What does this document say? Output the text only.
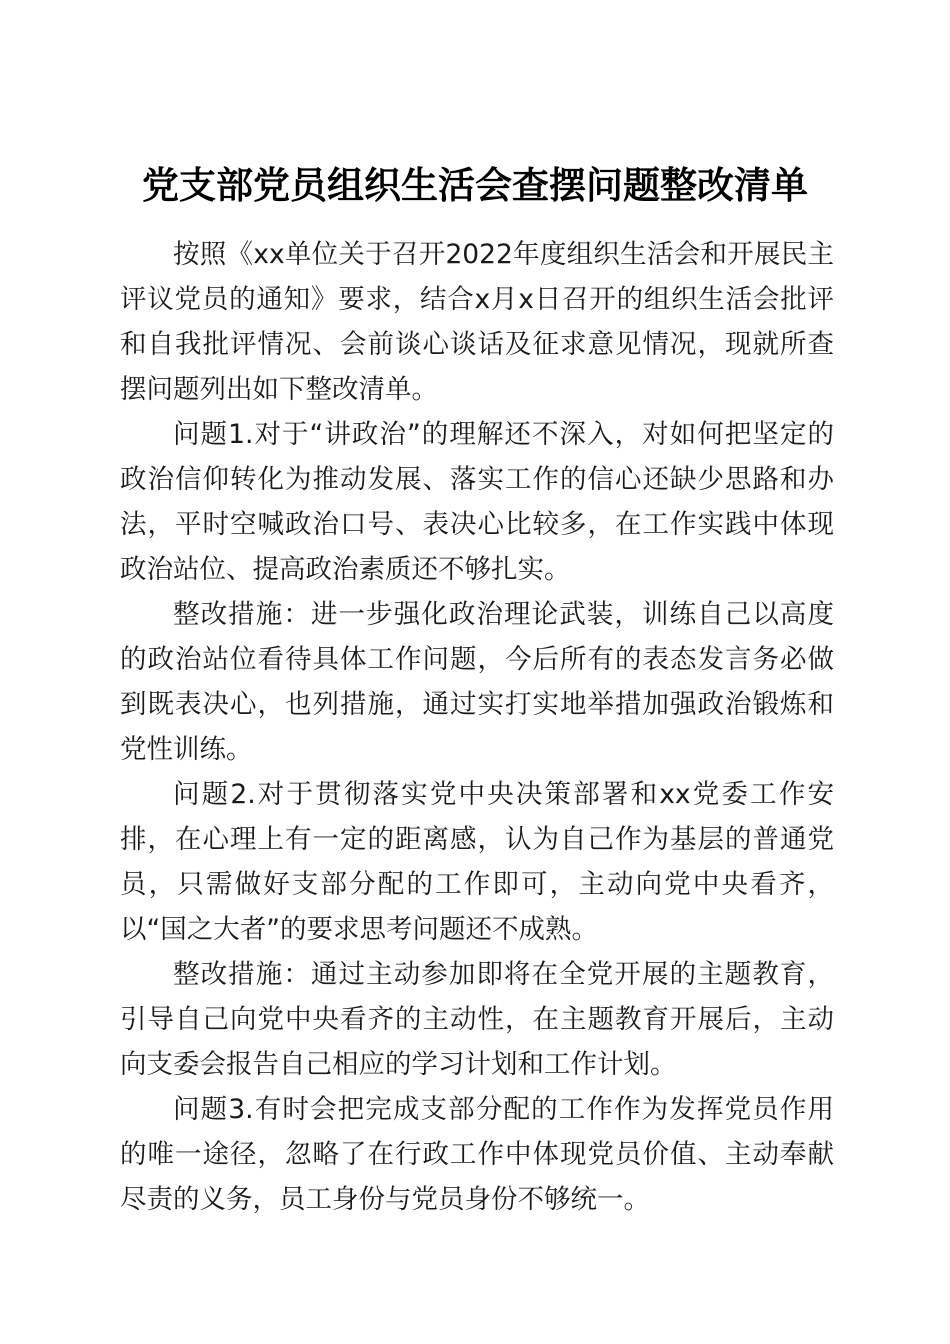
党支部党员组织生活会查摆问题整改清单

按照《xx单位关于召开2022年度组织生活会和开展民主评议党员的通知》要求，结合x月x日召开的组织生活会批评和自我批评情况、会前谈心谈话及征求意见情况，现就所查摆问题列出如下整改清单。

问题1.对于“讲政治”的理解还不深入，对如何把坚定的政治信仰转化为推动发展、落实工作的信心还缺少思路和办法，平时空喊政治口号、表决心比较多，在工作实践中体现政治站位、提高政治素质还不够扎实。

整改措施：进一步强化政治理论武装，训练自己以高度的政治站位看待具体工作问题，今后所有的表态发言务必做到既表决心，也列措施，通过实打实地举措加强政治锻炼和党性训练。

问题2.对于贯彻落实党中央决策部署和xx党委工作安排，在心理上有一定的距离感，认为自己作为基层的普通党员，只需做好支部分配的工作即可，主动向党中央看齐，以“国之大者”的要求思考问题还不成熟。

整改措施：通过主动参加即将在全党开展的主题教育，引导自己向党中央看齐的主动性，在主题教育开展后，主动向支委会报告自己相应的学习计划和工作计划。

问题3.有时会把完成支部分配的工作作为发挥党员作用的唯一途径，忽略了在行政工作中体现党员价值、主动奉献尽责的义务，员工身份与党员身份不够统一。
